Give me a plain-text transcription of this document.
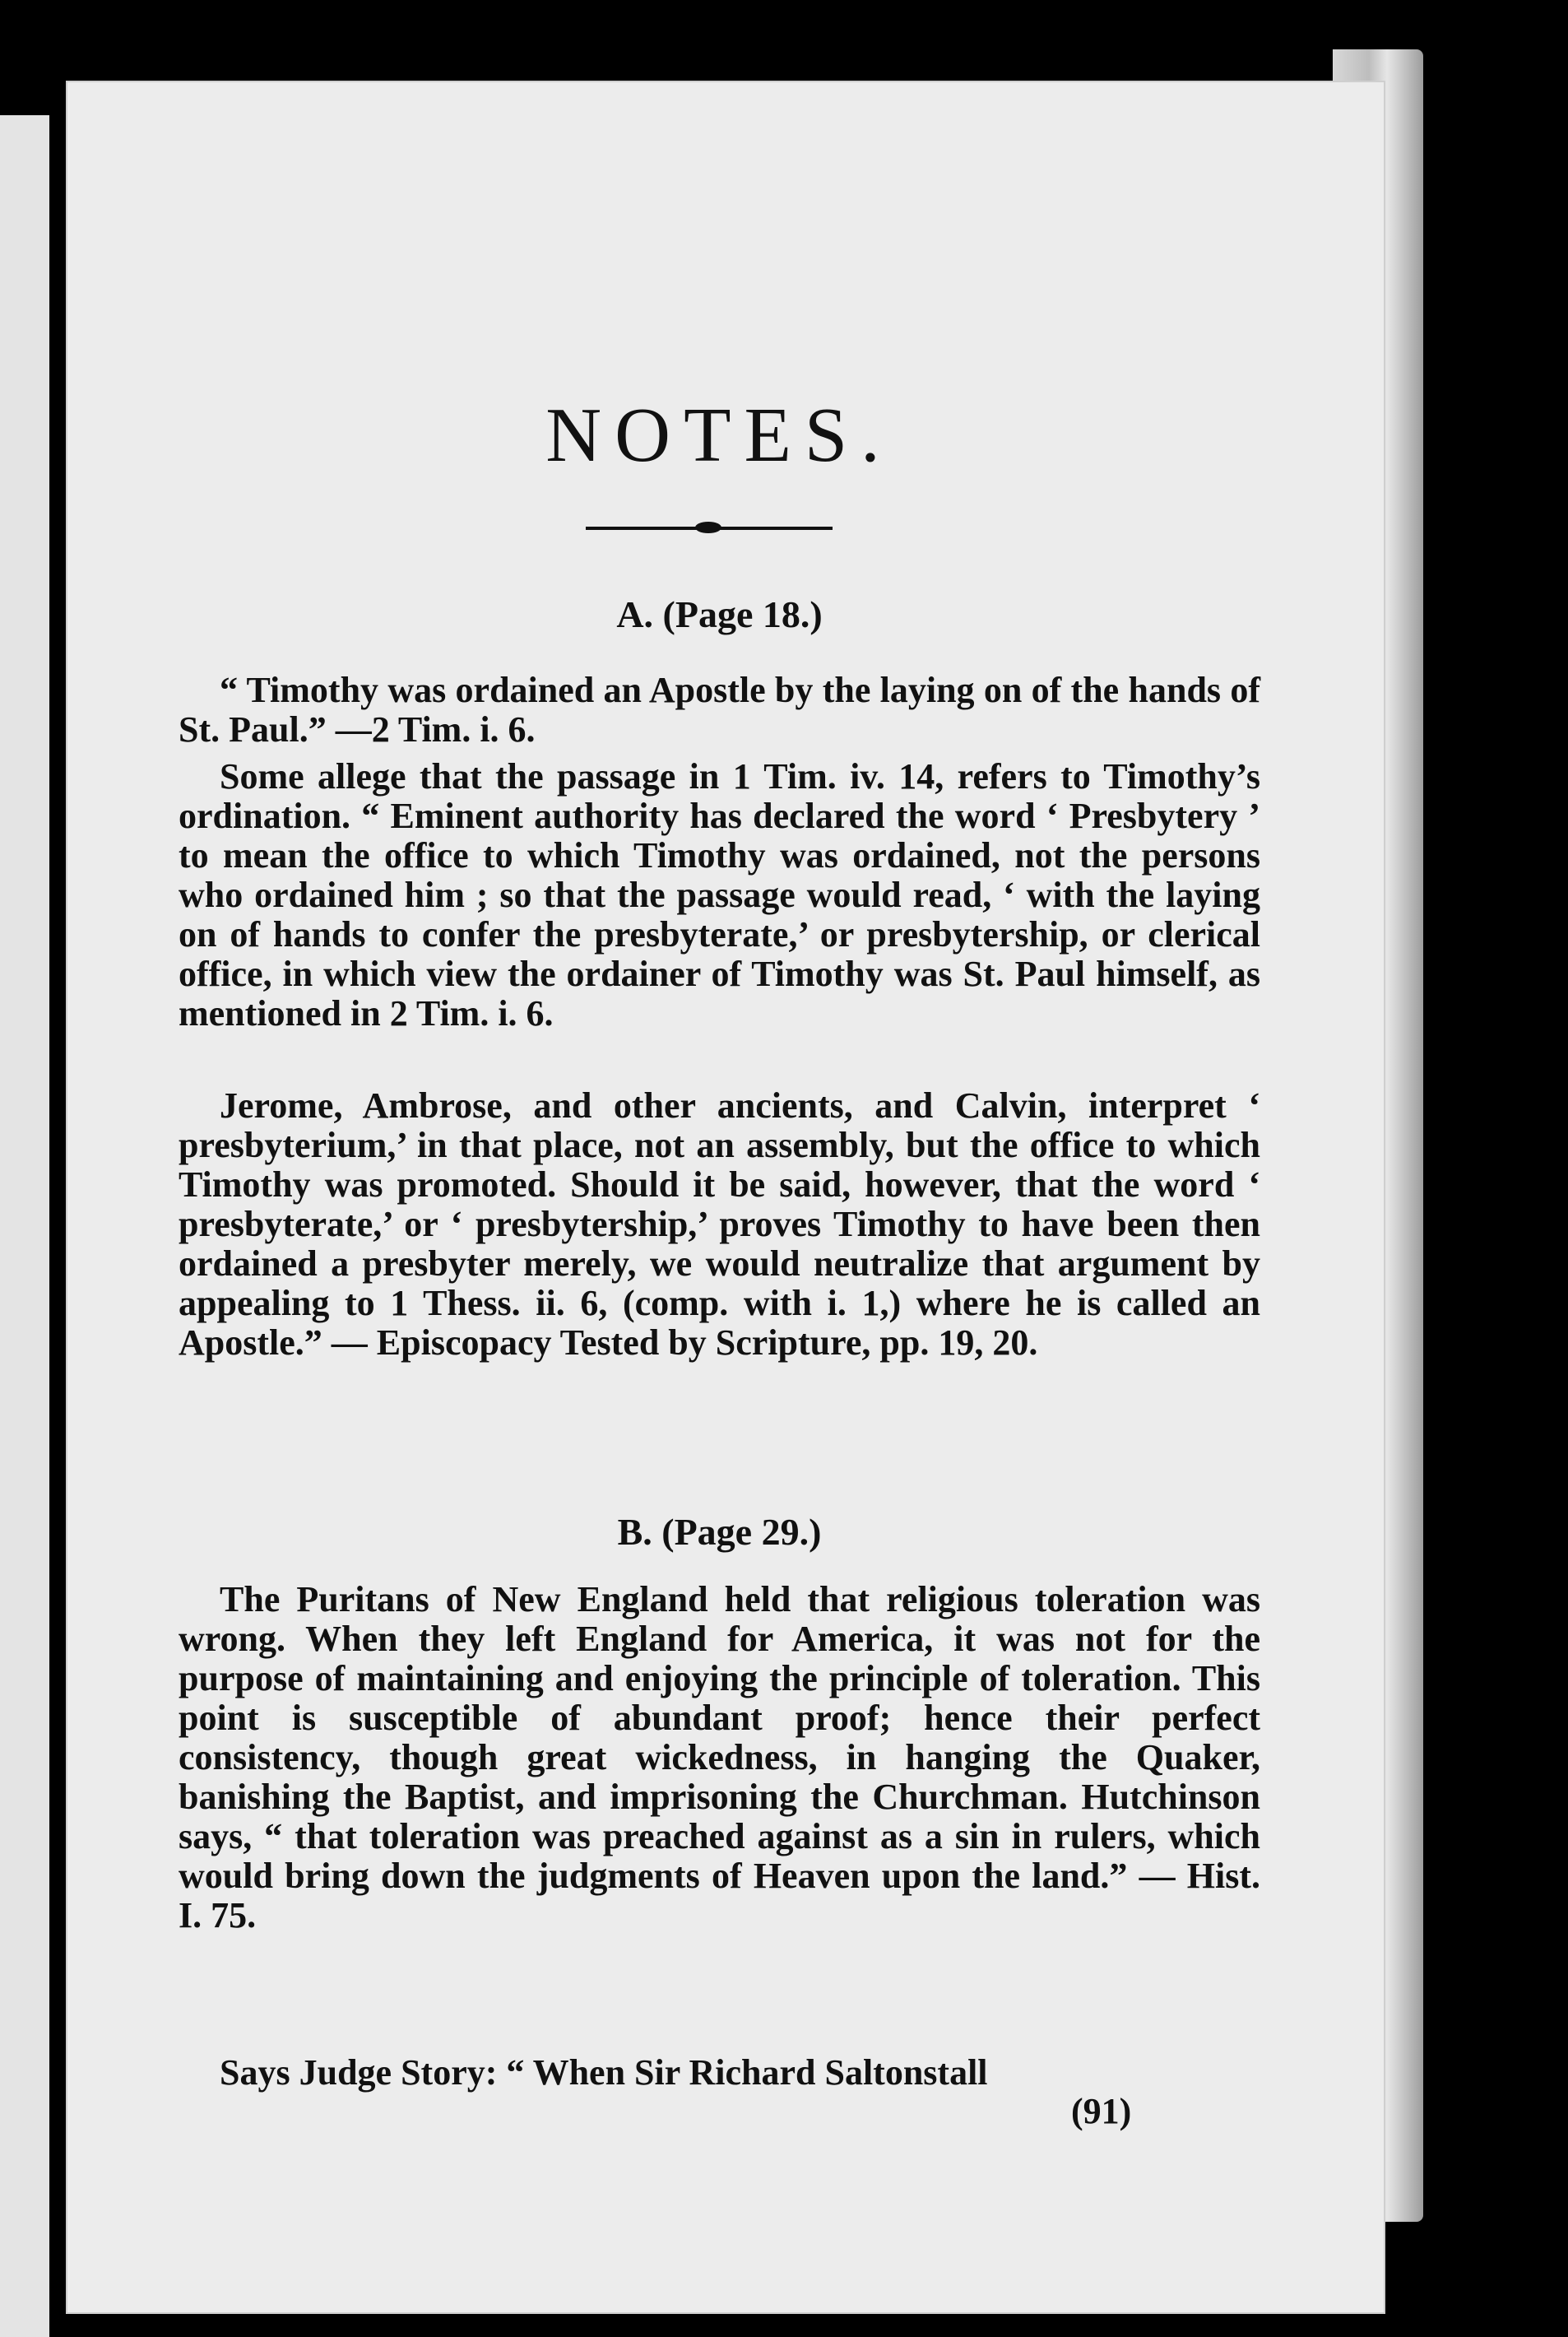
NOTES.
A. (Page 18.)

“ Timothy was ordained an Apostle by the laying on of the hands of St. Paul.” —2 Tim. i. 6.

Some allege that the passage in 1 Tim. iv. 14, refers to Timothy’s ordination. “ Eminent authority has declared the word ‘ Presbytery ’ to mean the office to which Timothy was ordained, not the persons who ordained him ; so that the passage would read, ‘ with the laying on of hands to confer the presbyterate,’ or presbytership, or clerical office, in which view the ordainer of Timothy was St. Paul himself, as mentioned in 2 Tim. i. 6.

Jerome, Ambrose, and other ancients, and Calvin, interpret ‘ presbyterium,’ in that place, not an assembly, but the office to which Timothy was promoted. Should it be said, however, that the word ‘ presbyterate,’ or ‘ presbytership,’ proves Timothy to have been then ordained a presbyter merely, we would neutralize that argument by appealing to 1 Thess. ii. 6, (comp. with i. 1,) where he is called an Apostle.” — Episcopacy Tested by Scripture, pp. 19, 20.

B. (Page 29.)

The Puritans of New England held that religious toleration was wrong. When they left England for America, it was not for the purpose of maintaining and enjoying the principle of toleration. This point is susceptible of abundant proof; hence their perfect consistency, though great wickedness, in hanging the Quaker, banishing the Baptist, and imprisoning the Churchman. Hutchinson says, “ that toleration was preached against as a sin in rulers, which would bring down the judgments of Heaven upon the land.” — Hist. I. 75.

Says Judge Story: “ When Sir Richard Saltonstall

(91)
